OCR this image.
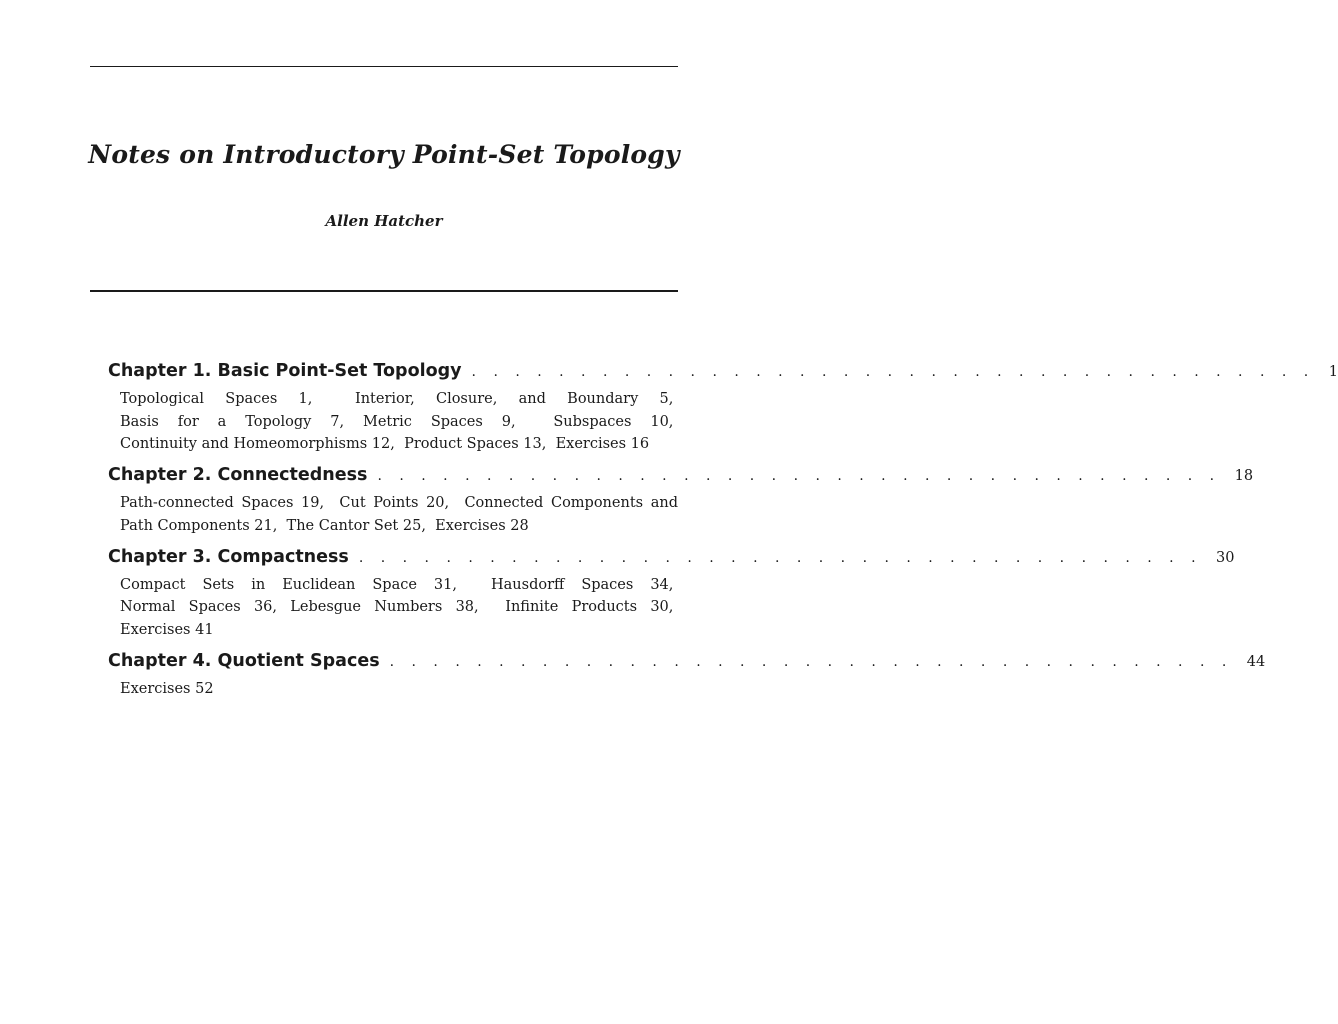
Notes on Introductory Point-Set Topology
Allen Hatcher
Chapter 1. Basic Point-Set Topology . . . . . . . . . . . . . . . . . . . . . . . . . . . . . . . . . . . . . . . 1
Topological Spaces 1,  Interior, Closure, and Boundary 5,  Basis for a Topology 7, Metric Spaces 9,  Subspaces 10,  Continuity and Homeomorphisms 12,  Product Spaces 13,  Exercises 16
Chapter 2. Connectedness . . . . . . . . . . . . . . . . . . . . . . . . . . . . . . . . . . . . . . . 18
Path-connected Spaces 19,  Cut Points 20,  Connected Components and Path Components 21,  The Cantor Set 25,  Exercises 28
Chapter 3. Compactness . . . . . . . . . . . . . . . . . . . . . . . . . . . . . . . . . . . . . . . 30
Compact Sets in Euclidean Space 31,  Hausdorff Spaces 34,  Normal Spaces 36, Lebesgue Numbers 38,  Infinite Products 30,  Exercises 41
Chapter 4. Quotient Spaces . . . . . . . . . . . . . . . . . . . . . . . . . . . . . . . . . . . . . . . 44
Exercises 52
